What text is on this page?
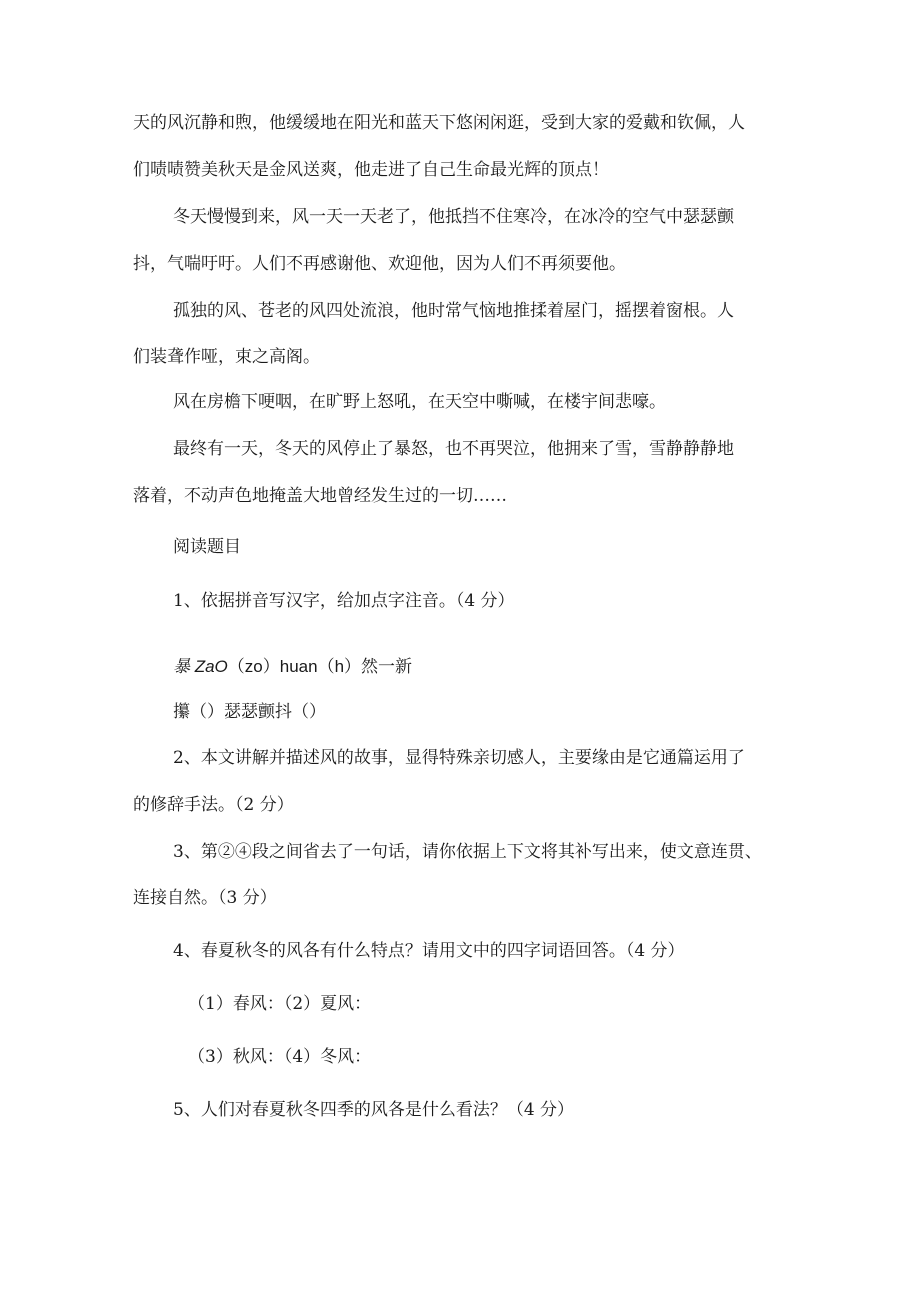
天的风沉静和煦，他缓缓地在阳光和蓝天下悠闲闲逛，受到大家的爱戴和钦佩，人
们啧啧赞美秋天是金风送爽，他走进了自己生命最光辉的顶点！
冬天慢慢到来，风一天一天老了，他抵挡不住寒冷，在冰冷的空气中瑟瑟颤
抖，气喘吁吁。人们不再感谢他、欢迎他，因为人们不再须要他。
孤独的风、苍老的风四处流浪，他时常气恼地推揉着屋门，摇摆着窗根。人
们装聋作哑，束之高阁。
风在房檐下哽咽，在旷野上怒吼，在天空中嘶喊，在楼宇间悲嚎。
最终有一天，冬天的风停止了暴怒，也不再哭泣，他拥来了雪，雪静静静地
落着，不动声色地掩盖大地曾经发生过的一切……
阅读题目
1、依据拼音写汉字，给加点字注音。（4 分）
暴 ZaO（zo）huan（h）然一新
攥（）瑟瑟颤抖（）
2、本文讲解并描述风的故事，显得特殊亲切感人，主要缘由是它通篇运用了
的修辞手法。（2 分）
3、第②④段之间省去了一句话，请你依据上下文将其补写出来，使文意连贯、
连接自然。（3 分）
4、春夏秋冬的风各有什么特点？请用文中的四字词语回答。（4 分）
（1）春风：（2）夏风：
（3）秋风：（4）冬风：
5、人们对春夏秋冬四季的风各是什么看法？（4 分）
